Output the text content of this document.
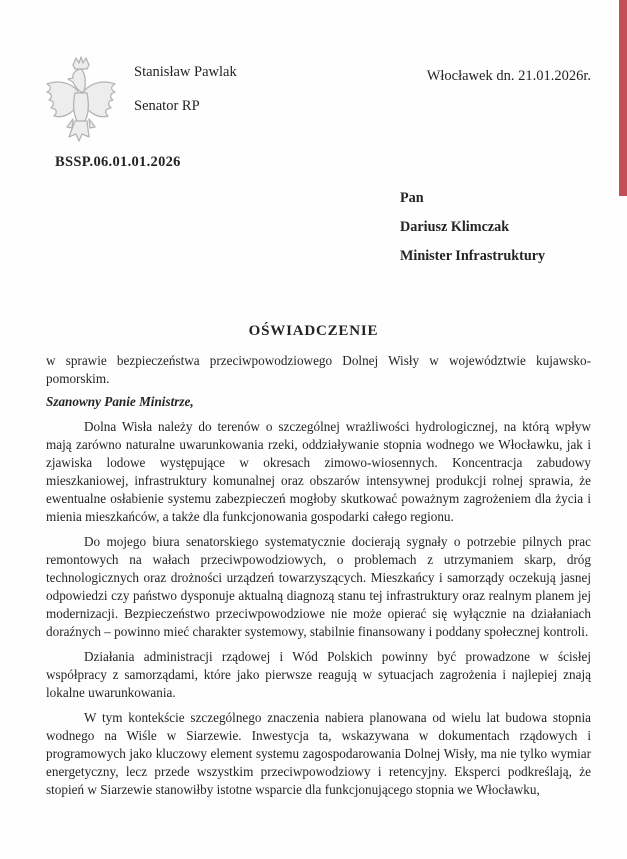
Stanisław Pawlak
Senator RP
Włocławek dn. 21.01.2026r.
BSSP.06.01.01.2026
Pan
Dariusz Klimczak
Minister Infrastruktury
OŚWIADCZENIE
w sprawie bezpieczeństwa przeciwpowodziowego Dolnej Wisły w województwie kujawsko-pomorskim.
Szanowny Panie Ministrze,

Dolna Wisła należy do terenów o szczególnej wrażliwości hydrologicznej, na którą wpływ mają zarówno naturalne uwarunkowania rzeki, oddziaływanie stopnia wodnego we Włocławku, jak i zjawiska lodowe występujące w okresach zimowo-wiosennych. Koncentracja zabudowy mieszkaniowej, infrastruktury komunalnej oraz obszarów intensywnej produkcji rolnej sprawia, że ewentualne osłabienie systemu zabezpieczeń mogłoby skutkować poważnym zagrożeniem dla życia i mienia mieszkańców, a także dla funkcjonowania gospodarki całego regionu.

Do mojego biura senatorskiego systematycznie docierają sygnały o potrzebie pilnych prac remontowych na wałach przeciwpowodziowych, o problemach z utrzymaniem skarp, dróg technologicznych oraz drożności urządzeń towarzyszących. Mieszkańcy i samorządy oczekują jasnej odpowiedzi czy państwo dysponuje aktualną diagnozą stanu tej infrastruktury oraz realnym planem jej modernizacji. Bezpieczeństwo przeciwpowodziowe nie może opierać się wyłącznie na działaniach doraźnych – powinno mieć charakter systemowy, stabilnie finansowany i poddany społecznej kontroli.

Działania administracji rządowej i Wód Polskich powinny być prowadzone w ścisłej współpracy z samorządami, które jako pierwsze reagują w sytuacjach zagrożenia i najlepiej znają lokalne uwarunkowania.

W tym kontekście szczególnego znaczenia nabiera planowana od wielu lat budowa stopnia wodnego na Wiśle w Siarzewie. Inwestycja ta, wskazywana w dokumentach rządowych i programowych jako kluczowy element systemu zagospodarowania Dolnej Wisły, ma nie tylko wymiar energetyczny, lecz przede wszystkim przeciwpowodziowy i retencyjny. Eksperci podkreślają, że stopień w Siarzewie stanowiłby istotne wsparcie dla funkcjonującego stopnia we Włocławku,
